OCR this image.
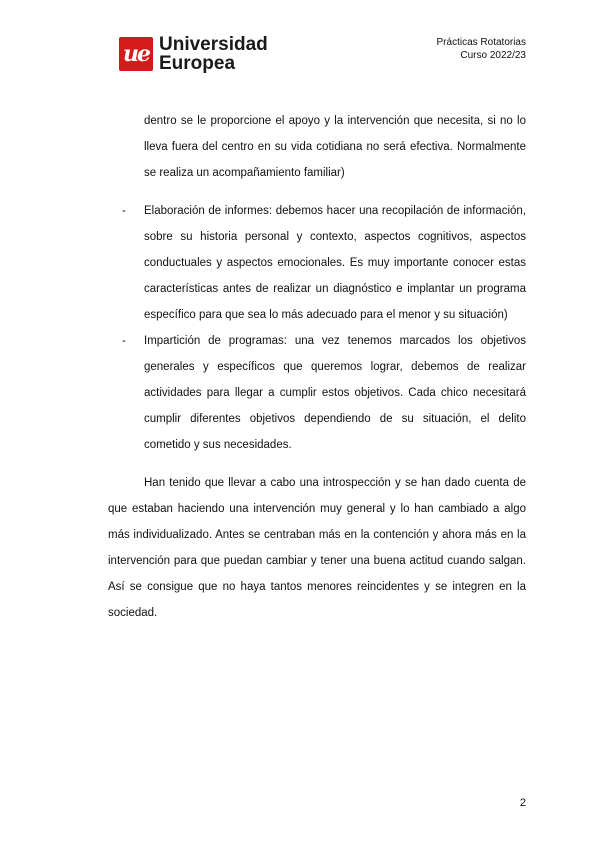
ue Universidad
Europea
Prácticas Rotatorias
Curso 2022/23

dentro se le proporcione el apoyo y la intervención que necesita, si no lo lleva fuera del centro en su vida cotidiana no será efectiva. Normalmente se realiza un acompañamiento familiar)

- Elaboración de informes: debemos hacer una recopilación de información, sobre su historia personal y contexto, aspectos cognitivos, aspectos conductuales y aspectos emocionales. Es muy importante conocer estas características antes de realizar un diagnóstico e implantar un programa específico para que sea lo más adecuado para el menor y su situación)

- Impartición de programas: una vez tenemos marcados los objetivos generales y específicos que queremos lograr, debemos de realizar actividades para llegar a cumplir estos objetivos. Cada chico necesitará cumplir diferentes objetivos dependiendo de su situación, el delito cometido y sus necesidades.

Han tenido que llevar a cabo una introspección y se han dado cuenta de que estaban haciendo una intervención muy general y lo han cambiado a algo más individualizado. Antes se centraban más en la contención y ahora más en la intervención para que puedan cambiar y tener una buena actitud cuando salgan. Así se consigue que no haya tantos menores reincidentes y se integren en la sociedad.

2
